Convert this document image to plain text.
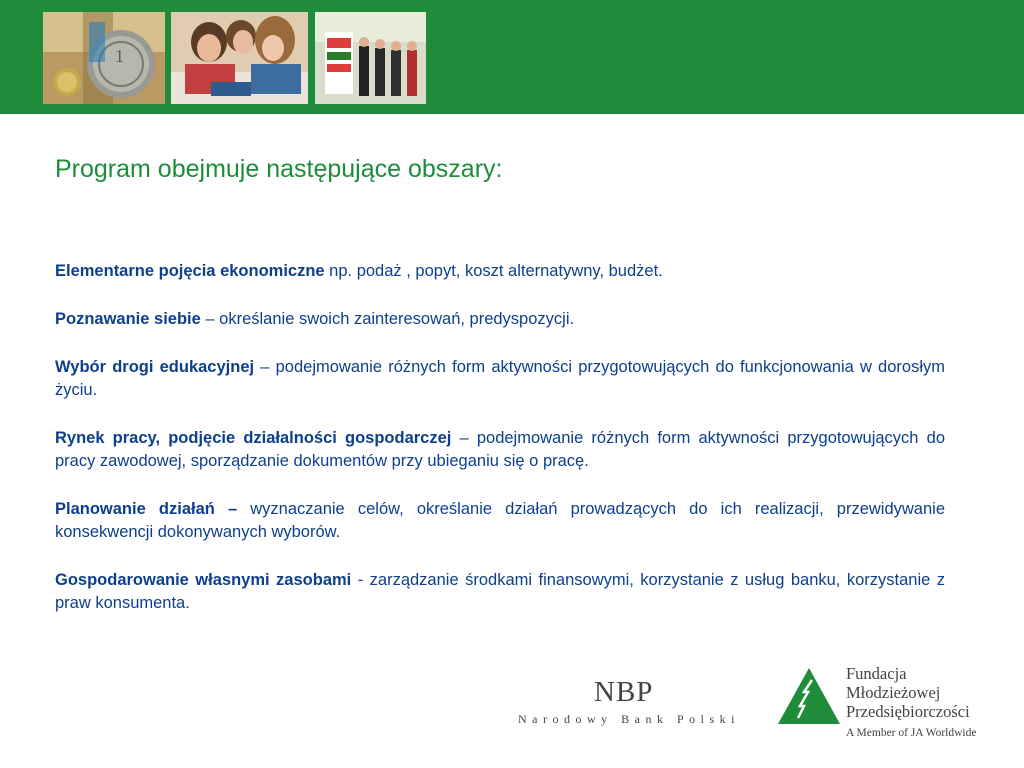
1
Program obejmuje następujące obszary:

Elementarne pojęcia ekonomiczne np. podaż , popyt, koszt alternatywny, budżet.

Poznawanie siebie – określanie swoich zainteresowań, predyspozycji.

Wybór drogi edukacyjnej – podejmowanie różnych form aktywności przygotowujących do funkcjonowania w dorosłym życiu.

Rynek pracy, podjęcie działalności gospodarczej – podejmowanie różnych form aktywności przygotowujących do pracy zawodowej, sporządzanie dokumentów przy ubieganiu się o pracę.

Planowanie działań – wyznaczanie celów, określanie działań prowadzących do ich realizacji, przewidywanie konsekwencji dokonywanych wyborów.

Gospodarowanie własnymi zasobami - zarządzanie środkami finansowymi, korzystanie z usług banku, korzystanie z praw konsumenta.

NBP
Narodowy Bank Polski
Fundacja
Młodzieżowej
Przedsiębiorczości
A Member of JA Worldwide
